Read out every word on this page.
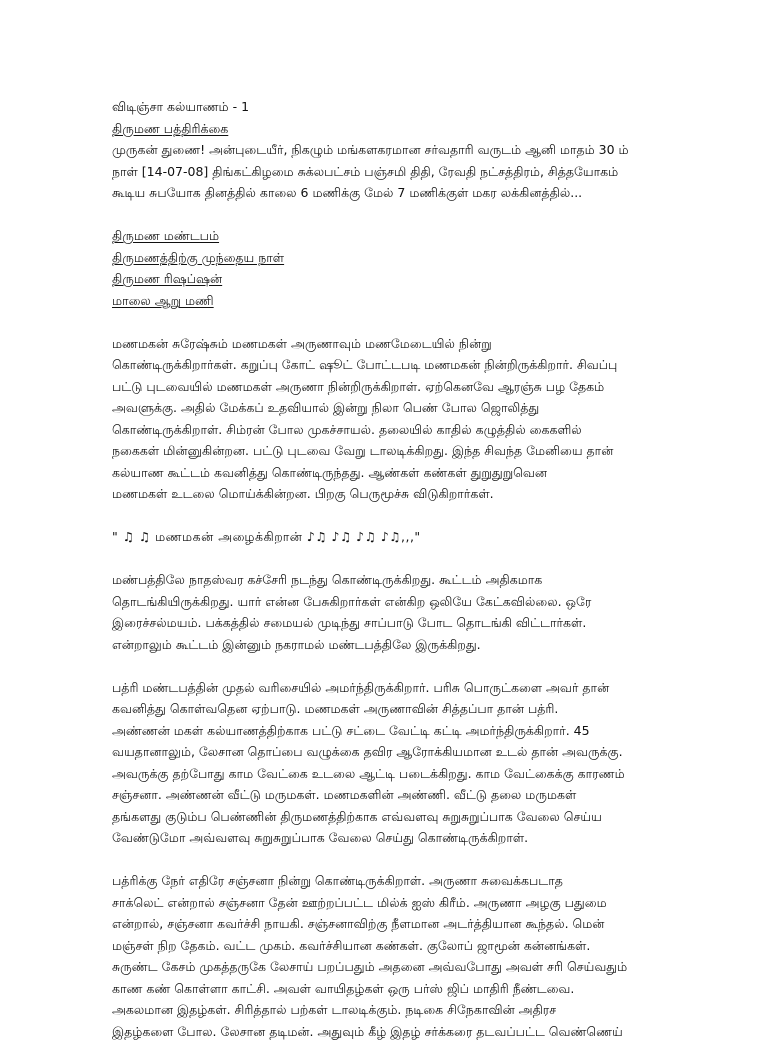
விடிஞ்சா கல்யாணம் - 1
திருமண பத்திரிக்கை
முருகன் துணை! அன்புடையீர், நிகழும் மங்களகரமான சர்வதாரி வருடம் ஆனி மாதம் 30 ம்
நாள் [14-07-08] திங்கட்கிழமை சுக்லபட்சம் பஞ்சமி திதி, ரேவதி நட்சத்திரம், சித்தயோகம்
கூடிய சுபயோக தினத்தில் காலை 6 மணிக்கு மேல் 7 மணிக்குள் மகர லக்கினத்தில்...
திருமண மண்டபம்
திருமணத்திற்கு முந்தைய நாள்
திருமண ரிஷப்ஷன்
மாலை ஆறு மணி
மணமகன் சுரேஷ்சும் மணமகள் அருணாவும் மணமேடையில் நின்று
கொண்டிருக்கிறார்கள். கறுப்பு கோட் ஷூட் போட்டபடி மணமகன் நின்றிருக்கிறார். சிவப்பு
பட்டு புடவையில் மணமகள் அருணா நின்றிருக்கிறாள். ஏற்கெனவே ஆரஞ்சு பழ தேகம்
அவளுக்கு. அதில் மேக்கப் உதவியால் இன்று நிலா பெண் போல ஜொலித்து
கொண்டிருக்கிறாள். சிம்ரன் போல முகச்சாயல். தலையில் காதில் கழுத்தில் கைகளில்
நகைகள் மின்னுகின்றன. பட்டு புடவை வேறு டாலடிக்கிறது. இந்த சிவந்த மேனியை தான்
கல்யாண கூட்டம் கவனித்து கொண்டிருந்தது. ஆண்கள் கண்கள் துறுதுறுவென
மணமகள் உடலை மொய்க்கின்றன. பிறகு பெருமூச்சு விடுகிறார்கள்.
" ♫ ♫ மணமகன் அழைக்கிறான் ♪♫ ♪♫ ♪♫ ♪♫,,,"
மண்பத்திலே நாதஸ்வர கச்சேரி நடந்து கொண்டிருக்கிறது. கூட்டம் அதிகமாக
தொடங்கியிருக்கிறது. யார் என்ன பேசுகிறார்கள் என்கிற ஒலியே கேட்கவில்லை. ஒரே
இரைச்சல்மயம். பக்கத்தில் சமையல் முடிந்து சாப்பாடு போட தொடங்கி விட்டார்கள்.
என்றாலும் கூட்டம் இன்னும் நகராமல் மண்டபத்திலே இருக்கிறது.
பத்ரி மண்டபத்தின் முதல் வரிசையில் அமர்ந்திருக்கிறார். பரிசு பொருட்களை அவர் தான்
கவனித்து கொள்வதென ஏற்பாடு. மணமகள் அருணாவின் சித்தப்பா தான் பத்ரி.
அண்ணன் மகள் கல்யாணத்திற்காக பட்டு சட்டை வேட்டி கட்டி அமர்ந்திருக்கிறார். 45
வயதானாலும், லேசான தொப்பை வழுக்கை தவிர ஆரோக்கியமான உடல் தான் அவருக்கு.
அவருக்கு தற்போது காம வேட்கை உடலை ஆட்டி படைக்கிறது. காம வேட்கைக்கு காரணம்
சஞ்சனா. அண்ணன் வீட்டு மருமகள். மணமகளின் அண்ணி. வீட்டு தலை மருமகள்
தங்களது குடும்ப பெண்ணின் திருமணத்திற்காக எவ்வளவு சுறுசுறுப்பாக வேலை செய்ய
வேண்டுமோ அவ்வளவு சுறுசுறுப்பாக வேலை செய்து கொண்டிருக்கிறாள்.
பத்ரிக்கு நேர் எதிரே சஞ்சனா நின்று கொண்டிருக்கிறாள். அருணா சுவைக்கபடாத
சாக்லெட் என்றால் சஞ்சனா தேன் ஊற்றப்பட்ட மில்க் ஐஸ் கிரீம். அருணா அழகு பதுமை
என்றால், சஞ்சனா கவர்ச்சி நாயகி. சஞ்சனாவிற்கு நீளமான அடர்த்தியான கூந்தல். மென்
மஞ்சள் நிற தேகம். வட்ட முகம். கவர்ச்சியான கண்கள். குலோப் ஜாமூன் கன்னங்கள்.
சுருண்ட கேசம் முகத்தருகே லேசாய் பறப்பதும் அதனை அவ்வபோது அவள் சரி செய்வதும்
காண கண் கொள்ளா காட்சி. அவள் வாயிதழ்கள் ஒரு பர்ஸ் ஜிப் மாதிரி நீண்டவை.
அகலமான இதழ்கள். சிரித்தால் பற்கள் டாலடிக்கும். நடிகை சிநேகாவின் அதிரச
இதழ்களை போல. லேசான தடிமன். அதுவும் கீழ் இதழ் சர்க்கரை தடவப்பட்ட வெண்ணெய்
